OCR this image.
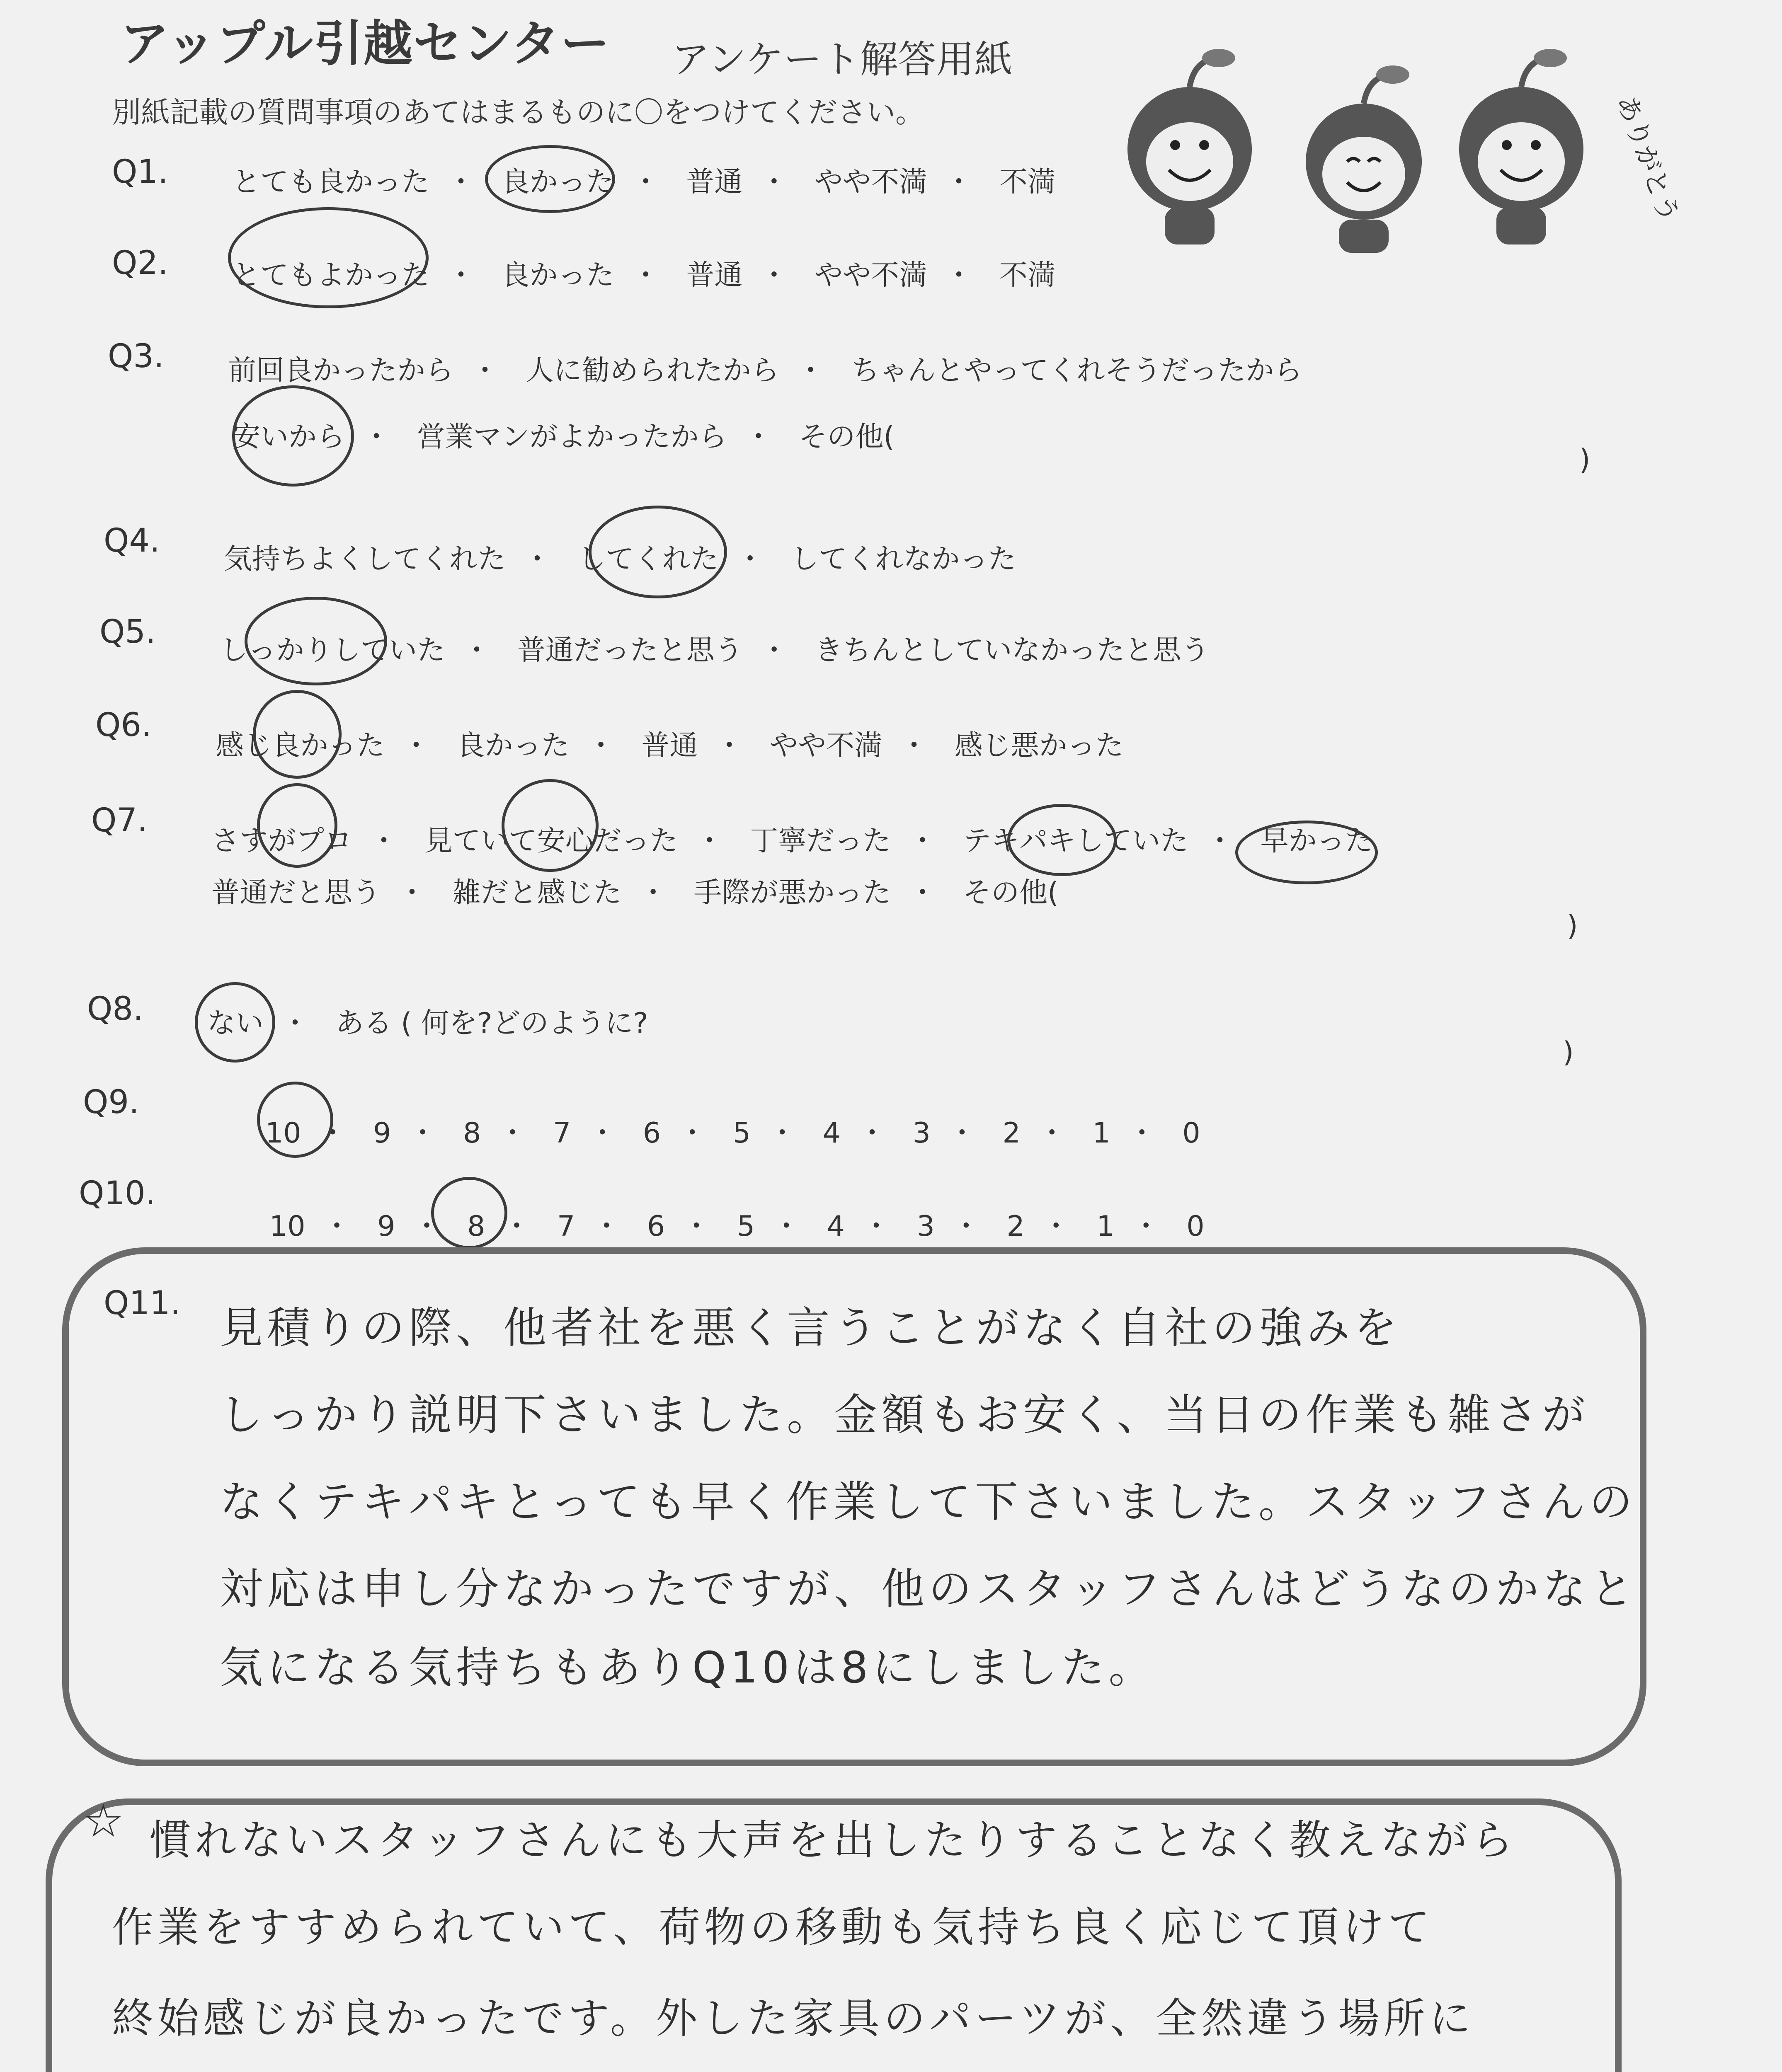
アップル引越センター アンケート解答用紙
別紙記載の質問事項のあてはまるものに〇をつけてください。	ありがとう
Q1. とても良かった ・ 良かった ・ 普通 ・ やや不満 ・ 不満
Q2. とてもよかった ・ 良かった ・ 普通 ・ やや不満 ・ 不満
Q3. 前回良かったから ・ 人に勧められたから ・ ちゃんとやってくれそうだったから
安いから ・ 営業マンがよかったから ・ その他(
)
Q4. 気持ちよくしてくれた ・ してくれた ・ してくれなかった
Q5. しっかりしていた ・ 普通だったと思う ・ きちんとしていなかったと思う
Q6.
感じ良かった ・ 良かった ・ 普通 ・ やや不満 ・ 感じ悪かった
Q7.
さすがプロ ・ 見ていて安心だった ・ 丁寧だった ・ テキパキしていた ・ 早かった
普通だと思う ・ 雑だと感じた ・ 手際が悪かった ・ その他(
)
Q8. ない ・ ある ( 何を?どのように?
)
Q9.
10 ・ 9 ・ 8 ・ 7 ・ 6 ・ 5 ・ 4 ・ 3 ・ 2 ・ 1 ・ 0
Q10.
10 ・ 9 ・ 8 ・ 7 ・ 6 ・ 5 ・ 4 ・ 3 ・ 2 ・ 1 ・ 0
Q11. 見積りの際、他者社を悪く言うことがなく自社の強みを
しっかり説明下さいました。金額もお安く、当日の作業も雑さが
なくテキパキとっても早く作業して下さいました。スタッフさんの
対応は申し分なかったですが、他のスタッフさんはどうなのかなと
気になる気持ちもありQ10は8にしました。
☆ 慣れないスタッフさんにも大声を出したりすることなく教えながら
作業をすすめられていて、荷物の移動も気持ち良く応じて頂けて
終始感じが良かったです。外した家具のパーツが、全然違う場所に
